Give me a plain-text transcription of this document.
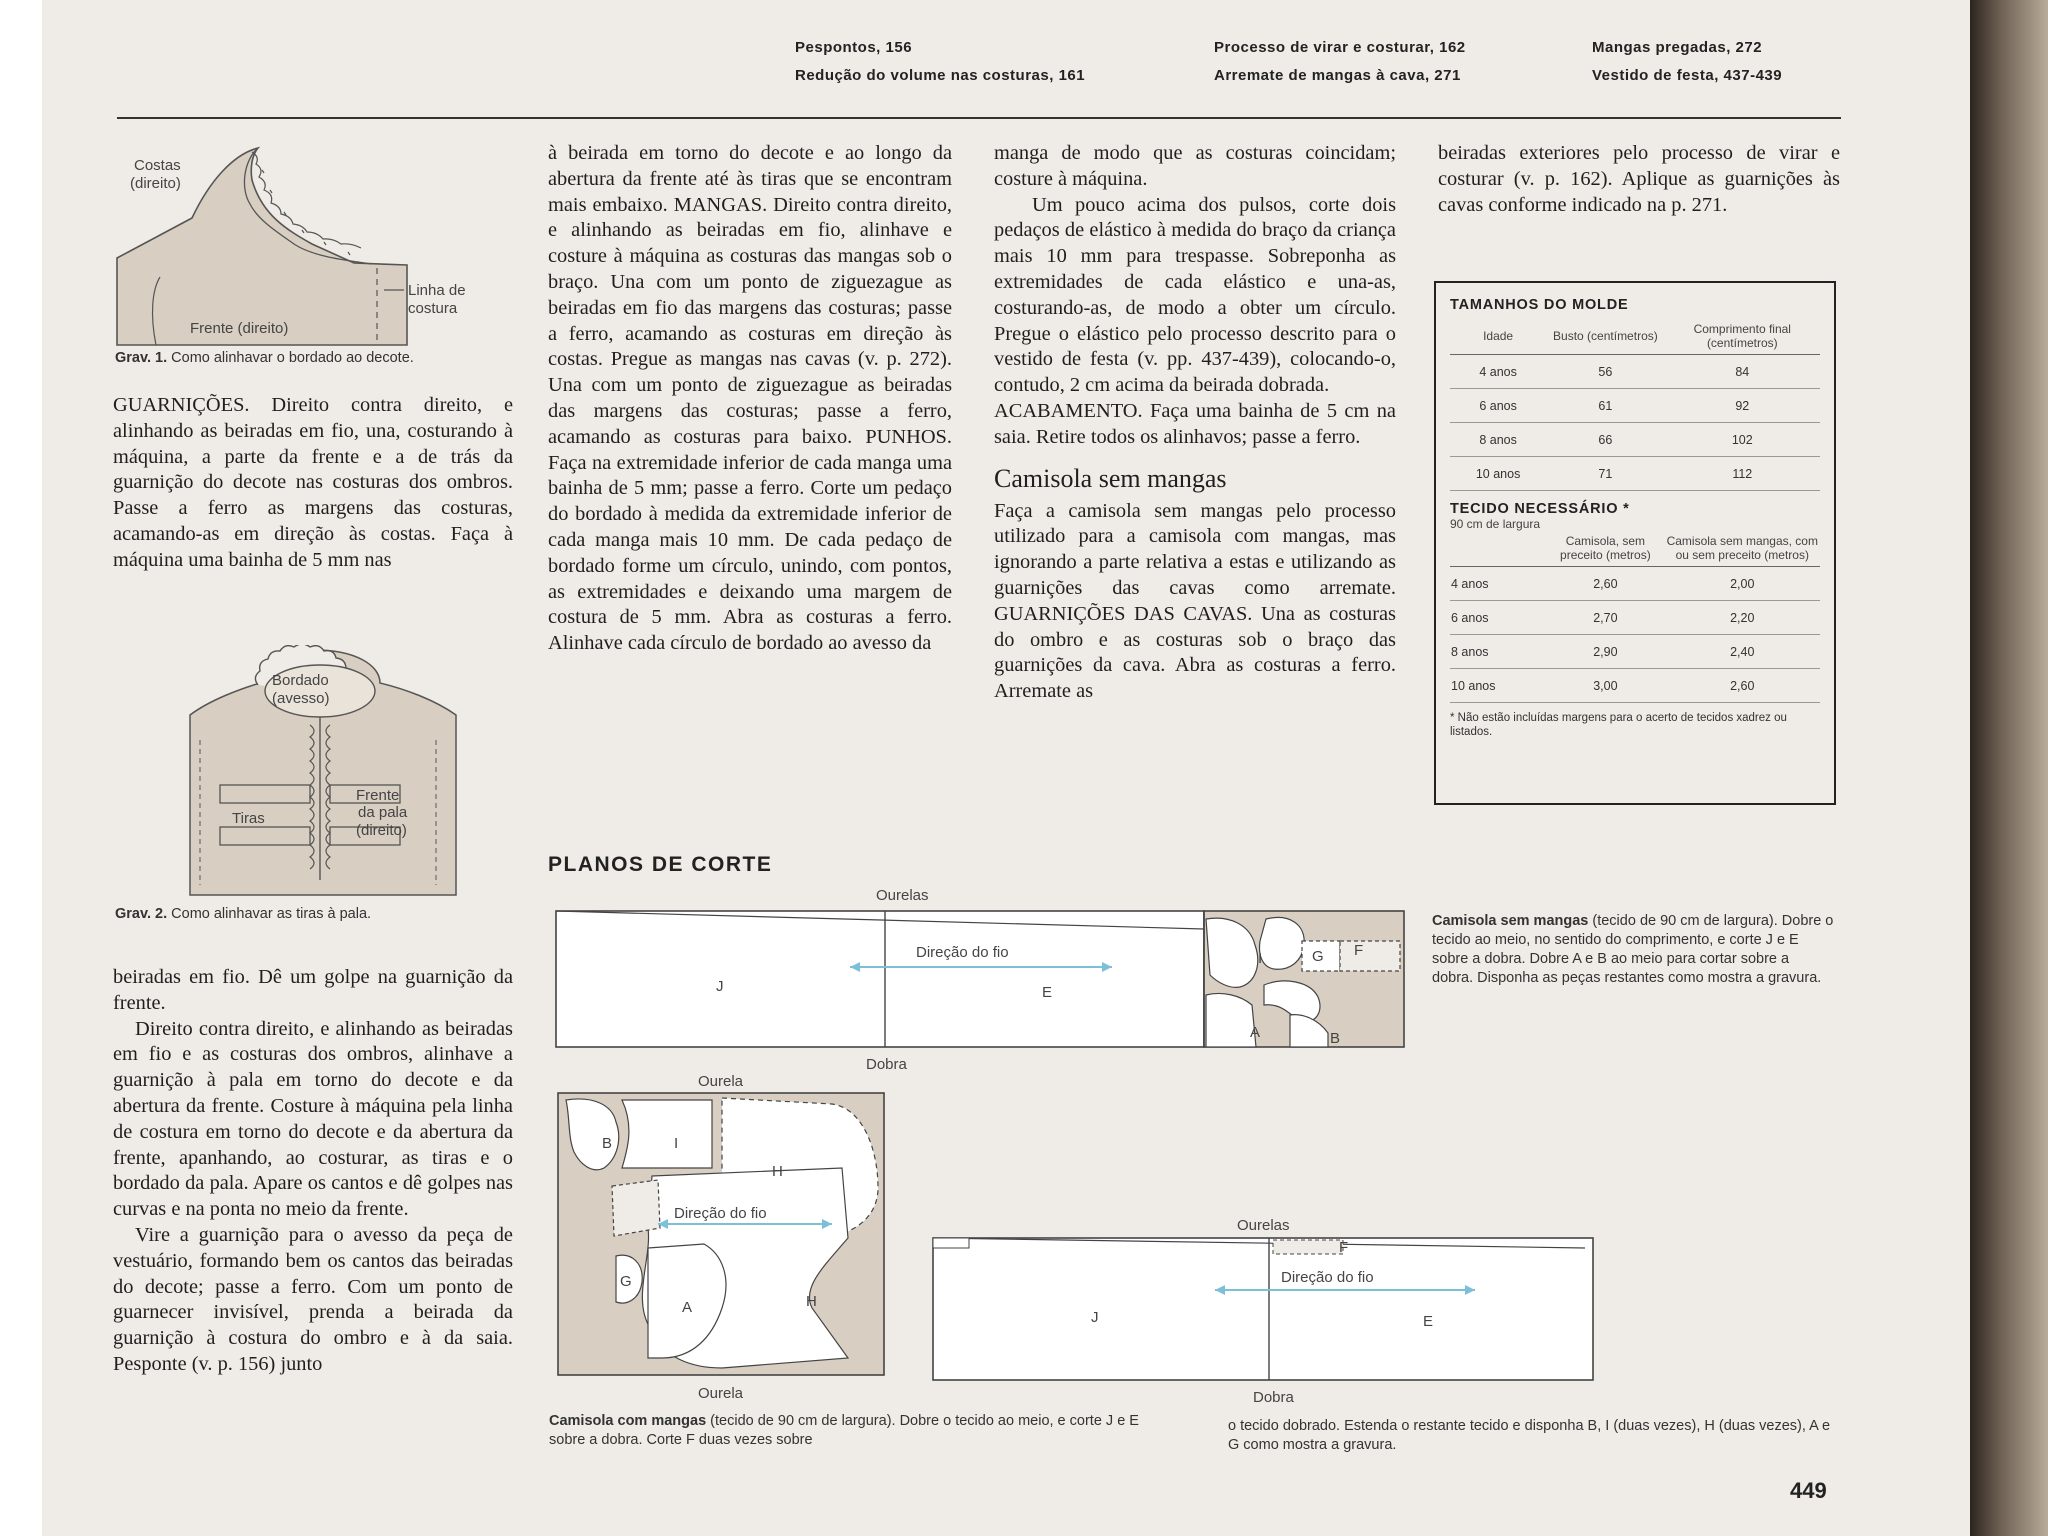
Pespontos, 156
Redução do volume nas costuras, 161
Processo de virar e costurar, 162
Arremate de mangas à cava, 271
Mangas pregadas, 272
Vestido de festa, 437-439
Costas
(direito)
Frente (direito)
Linha de
costura
Grav. 1. Como alinhavar o bordado ao decote.
GUARNIÇÕES. Direito contra direito, e alinhando as beiradas em fio, una, costurando à máquina, a parte da frente e a de trás da guarnição do decote nas costuras dos ombros. Passe a ferro as margens das costuras, acamando-as em direção às costas. Faça à máquina uma bainha de 5 mm nas
Bordado
(avesso)
Tiras
Frente
da pala
(direito)
Grav. 2. Como alinhavar as tiras à pala.
beiradas em fio. Dê um golpe na guarnição da frente.
Direito contra direito, e alinhando as beiradas em fio e as costuras dos ombros, alinhave a guarnição à pala em torno do decote e da abertura da frente. Costure à máquina pela linha de costura em torno do decote e da abertura da frente, apanhando, ao costurar, as tiras e o bordado da pala. Apare os cantos e dê golpes nas curvas e na ponta no meio da frente.
Vire a guarnição para o avesso da peça de vestuário, formando bem os cantos das beiradas do decote; passe a ferro. Com um ponto de guarnecer invisível, prenda a beirada da guarnição à costura do ombro e à da saia. Pesponte (v. p. 156) junto
à beirada em torno do decote e ao longo da abertura da frente até às tiras que se encontram mais embaixo. MANGAS. Direito contra direito, e alinhando as beiradas em fio, alinhave e costure à máquina as costuras das mangas sob o braço. Una com um ponto de ziguezague as beiradas em fio das margens das costuras; passe a ferro, acamando as costuras em direção às costas. Pregue as mangas nas cavas (v. p. 272). Una com um ponto de ziguezague as beiradas das margens das costuras; passe a ferro, acamando as costuras para baixo. PUNHOS. Faça na extremidade inferior de cada manga uma bainha de 5 mm; passe a ferro. Corte um pedaço do bordado à medida da extremidade inferior de cada manga mais 10 mm. De cada pedaço de bordado forme um círculo, unindo, com pontos, as extremidades e deixando uma margem de costura de 5 mm. Abra as costuras a ferro. Alinhave cada círculo de bordado ao avesso da
manga de modo que as costuras coincidam; costure à máquina.
Um pouco acima dos pulsos, corte dois pedaços de elástico à medida do braço da criança mais 10 mm para trespasse. Sobreponha as extremidades de cada elástico e una-as, costurando-as, de modo a obter um círculo. Pregue o elástico pelo processo descrito para o vestido de festa (v. pp. 437-439), colocando-o, contudo, 2 cm acima da beirada dobrada.
ACABAMENTO. Faça uma bainha de 5 cm na saia. Retire todos os alinhavos; passe a ferro.
Camisola sem mangas
Faça a camisola sem mangas pelo processo utilizado para a camisola com mangas, mas ignorando a parte relativa a estas e utilizando as guarnições das cavas como arremate. GUARNIÇÕES DAS CAVAS. Una as costuras do ombro e as costuras sob o braço das guarnições da cava. Abra as costuras a ferro. Arremate as
beiradas exteriores pelo processo de virar e costurar (v. p. 162). Aplique as guarnições às cavas conforme indicado na p. 271.
TAMANHOS DO MOLDE
Idade	Busto (centímetros)	Comprimento final (centímetros)
4 anos	56	84
6 anos	61	92
8 anos	66	102
10 anos	71	112
TECIDO NECESSÁRIO *
90 cm de largura
	Camisola, sem preceito (metros)	Camisola sem mangas, com ou sem preceito (metros)
4 anos	2,60	2,00
6 anos	2,70	2,20
8 anos	2,90	2,40
10 anos	3,00	2,60
* Não estão incluídas margens para o acerto de tecidos xadrez ou listados.
PLANOS DE CORTE
Ourelas
Dobra
Direção do fio
J	E
I
A
G F
B
Camisola sem mangas (tecido de 90 cm de largura). Dobre o tecido ao meio, no sentido do comprimento, e corte J e E sobre a dobra. Dobre A e B ao meio para cortar sobre a dobra. Disponha as peças restantes como mostra a gravura.
Ourela
Ourela
Direção do fio
B	I
H
H
G
A
Ourelas
Dobra
Direção do fio
J	E
F
Camisola com mangas (tecido de 90 cm de largura). Dobre o tecido ao meio, e corte J e E sobre a dobra. Corte F duas vezes sobre
o tecido dobrado. Estenda o restante tecido e disponha B, I (duas vezes), H (duas vezes), A e G como mostra a gravura.
449
